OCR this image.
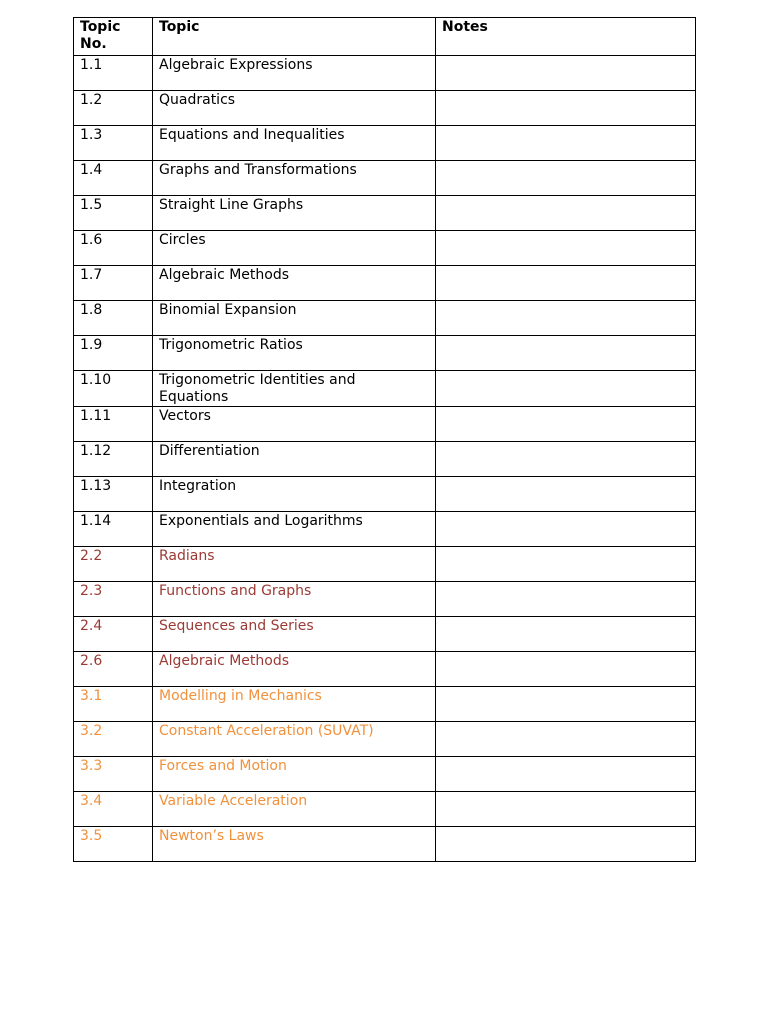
Topic No.	Topic	Notes
1.1	Algebraic Expressions	
1.2	Quadratics	
1.3	Equations and Inequalities	
1.4	Graphs and Transformations	
1.5	Straight Line Graphs	
1.6	Circles	
1.7	Algebraic Methods	
1.8	Binomial Expansion	
1.9	Trigonometric Ratios	
1.10	Trigonometric Identities and Equations	
1.11	Vectors	
1.12	Differentiation	
1.13	Integration	
1.14	Exponentials and Logarithms	
2.2	Radians	
2.3	Functions and Graphs	
2.4	Sequences and Series	
2.6	Algebraic Methods	
3.1	Modelling in Mechanics	
3.2	Constant Acceleration (SUVAT)	
3.3	Forces and Motion	
3.4	Variable Acceleration	
3.5	Newton’s Laws	
